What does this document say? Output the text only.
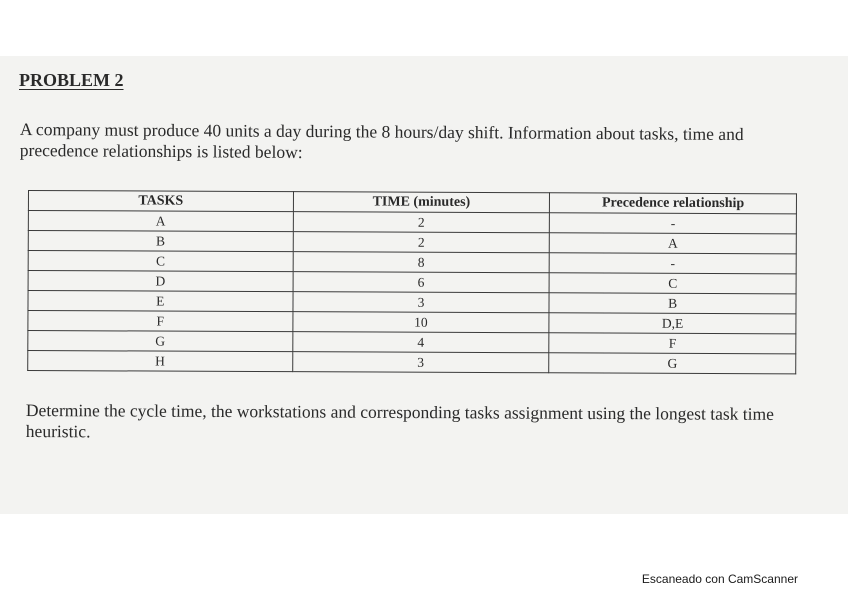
PROBLEM 2
A company must produce 40 units a day during the 8 hours/day shift. Information about tasks, time and precedence relationships is listed below:
TASKS	TIME (minutes)	Precedence relationship
A	2	-
B	2	A
C	8	-
D	6	C
E	3	B
F	10	D,E
G	4	F
H	3	G
Determine the cycle time, the workstations and corresponding tasks assignment using the longest task time heuristic.
Escaneado con CamScanner
